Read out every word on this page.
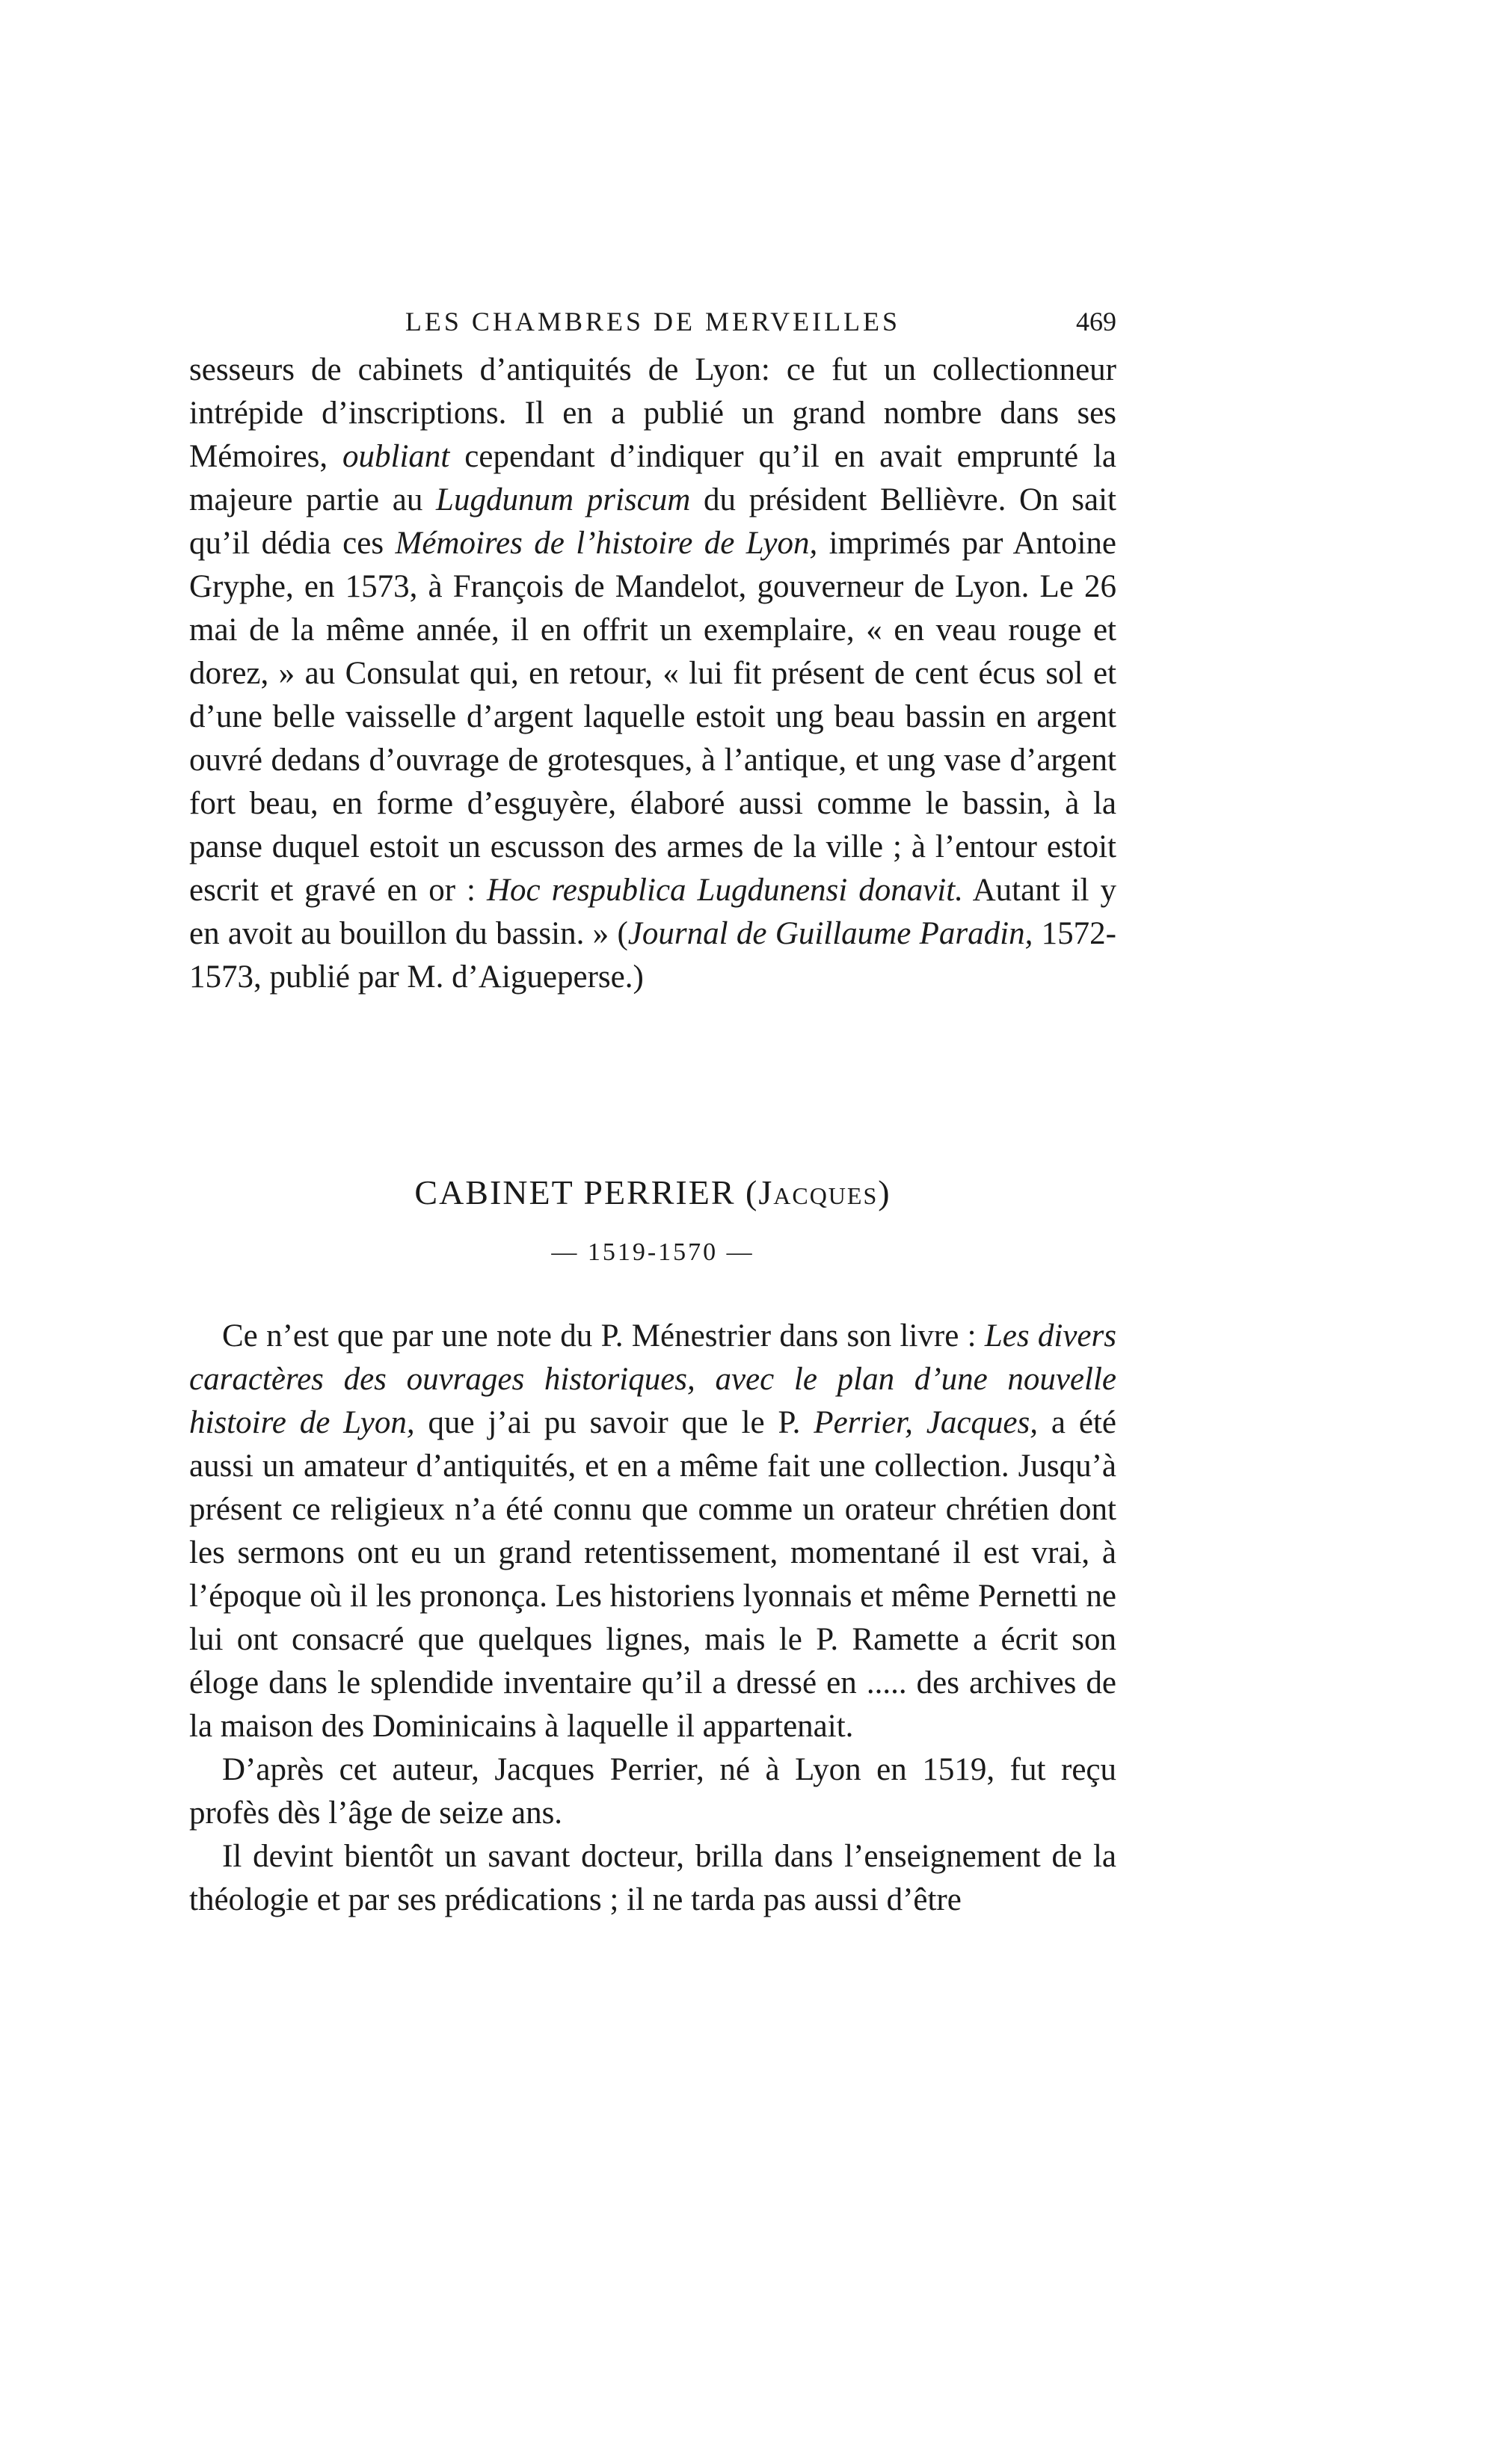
LES CHAMBRES DE MERVEILLES	469

sesseurs de cabinets d’antiquités de Lyon: ce fut un collectionneur intrépide d’inscriptions. Il en a publié un grand nombre dans ses Mémoires, oubliant cependant d’indiquer qu’il en avait emprunté la majeure partie au Lugdunum priscum du président Bellièvre. On sait qu’il dédia ces Mémoires de l’histoire de Lyon, imprimés par Antoine Gryphe, en 1573, à François de Mandelot, gouverneur de Lyon. Le 26 mai de la même année, il en offrit un exemplaire, « en veau rouge et dorez, » au Consulat qui, en retour, « lui fit présent de cent écus sol et d’une belle vaisselle d’argent laquelle estoit ung beau bassin en argent ouvré dedans d’ouvrage de grotesques, à l’antique, et ung vase d’argent fort beau, en forme d’esguyère, élaboré aussi comme le bassin, à la panse duquel estoit un escusson des armes de la ville ; à l’entour estoit escrit et gravé en or : Hoc respublica Lugdunensi donavit. Autant il y en avoit au bouillon du bassin. » (Journal de Guillaume Paradin, 1572-1573, publié par M. d’Aigueperse.)

CABINET PERRIER (Jacques)
— 1519-1570 —

Ce n’est que par une note du P. Ménestrier dans son livre : Les divers caractères des ouvrages historiques, avec le plan d’une nouvelle histoire de Lyon, que j’ai pu savoir que le P. Perrier, Jacques, a été aussi un amateur d’antiquités, et en a même fait une collection. Jusqu’à présent ce religieux n’a été connu que comme un orateur chrétien dont les sermons ont eu un grand retentissement, momentané il est vrai, à l’époque où il les prononça. Les historiens lyonnais et même Pernetti ne lui ont consacré que quelques lignes, mais le P. Ramette a écrit son éloge dans le splendide inventaire qu’il a dressé en ..... des archives de la maison des Dominicains à laquelle il appartenait.

D’après cet auteur, Jacques Perrier, né à Lyon en 1519, fut reçu profès dès l’âge de seize ans.

Il devint bientôt un savant docteur, brilla dans l’enseignement de la théologie et par ses prédications ; il ne tarda pas aussi d’être
